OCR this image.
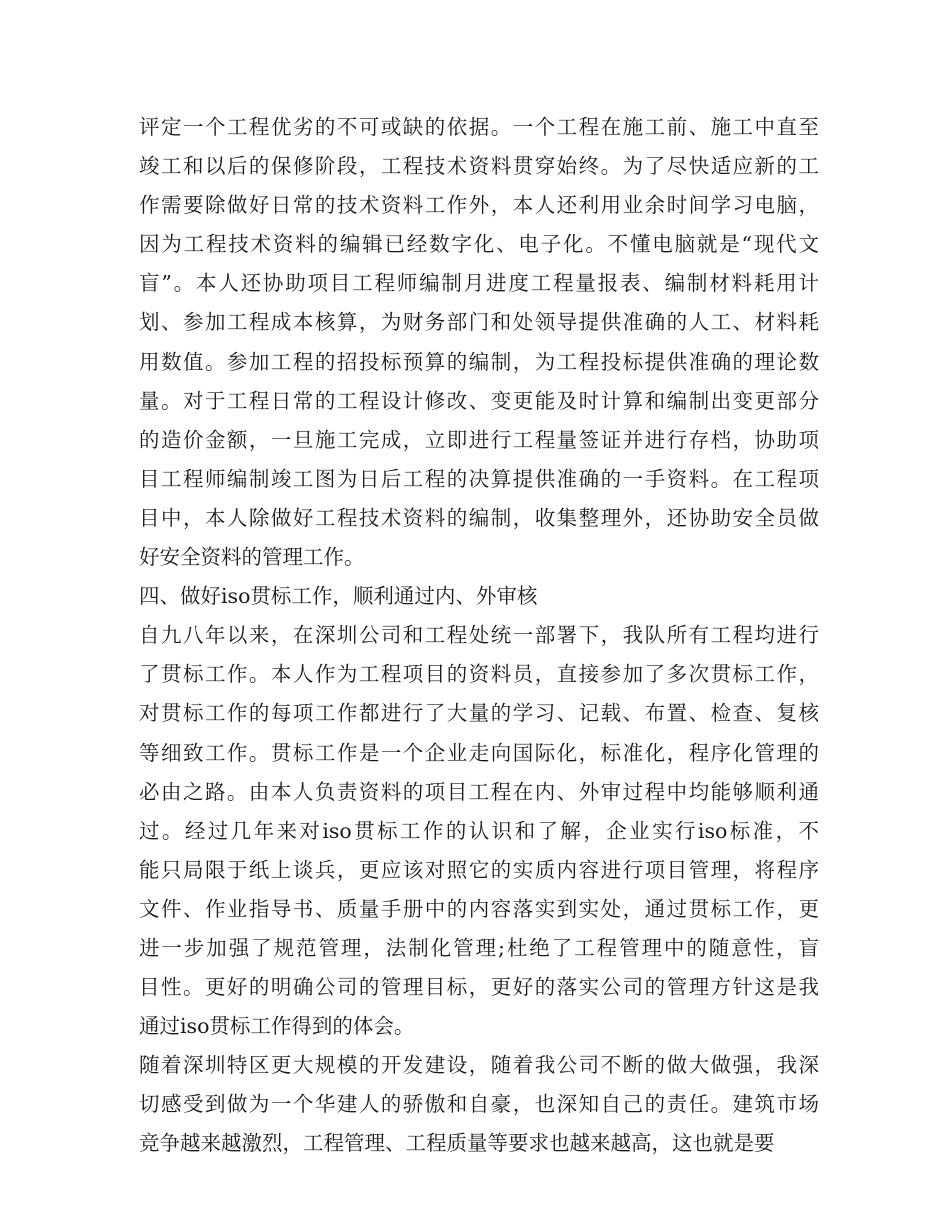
评定一个工程优劣的不可或缺的依据。一个工程在施工前、施工中直至
竣工和以后的保修阶段，工程技术资料贯穿始终。为了尽快适应新的工
作需要除做好日常的技术资料工作外，本人还利用业余时间学习电脑，
因为工程技术资料的编辑已经数字化、电子化。不懂电脑就是“现代文
盲”。本人还协助项目工程师编制月进度工程量报表、编制材料耗用计
划、参加工程成本核算，为财务部门和处领导提供准确的人工、材料耗
用数值。参加工程的招投标预算的编制，为工程投标提供准确的理论数
量。对于工程日常的工程设计修改、变更能及时计算和编制出变更部分
的造价金额，一旦施工完成，立即进行工程量签证并进行存档，协助项
目工程师编制竣工图为日后工程的决算提供准确的一手资料。在工程项
目中，本人除做好工程技术资料的编制，收集整理外，还协助安全员做
好安全资料的管理工作。
四、做好iso贯标工作，顺利通过内、外审核
自九八年以来，在深圳公司和工程处统一部署下，我队所有工程均进行
了贯标工作。本人作为工程项目的资料员，直接参加了多次贯标工作，
对贯标工作的每项工作都进行了大量的学习、记载、布置、检查、复核
等细致工作。贯标工作是一个企业走向国际化，标准化，程序化管理的
必由之路。由本人负责资料的项目工程在内、外审过程中均能够顺利通
过。经过几年来对iso贯标工作的认识和了解，企业实行iso标准，不
能只局限于纸上谈兵，更应该对照它的实质内容进行项目管理，将程序
文件、作业指导书、质量手册中的内容落实到实处，通过贯标工作，更
进一步加强了规范管理，法制化管理;杜绝了工程管理中的随意性，盲
目性。更好的明确公司的管理目标，更好的落实公司的管理方针这是我
通过iso贯标工作得到的体会。
随着深圳特区更大规模的开发建设，随着我公司不断的做大做强，我深
切感受到做为一个华建人的骄傲和自豪，也深知自己的责任。建筑市场
竞争越来越激烈，工程管理、工程质量等要求也越来越高，这也就是要
